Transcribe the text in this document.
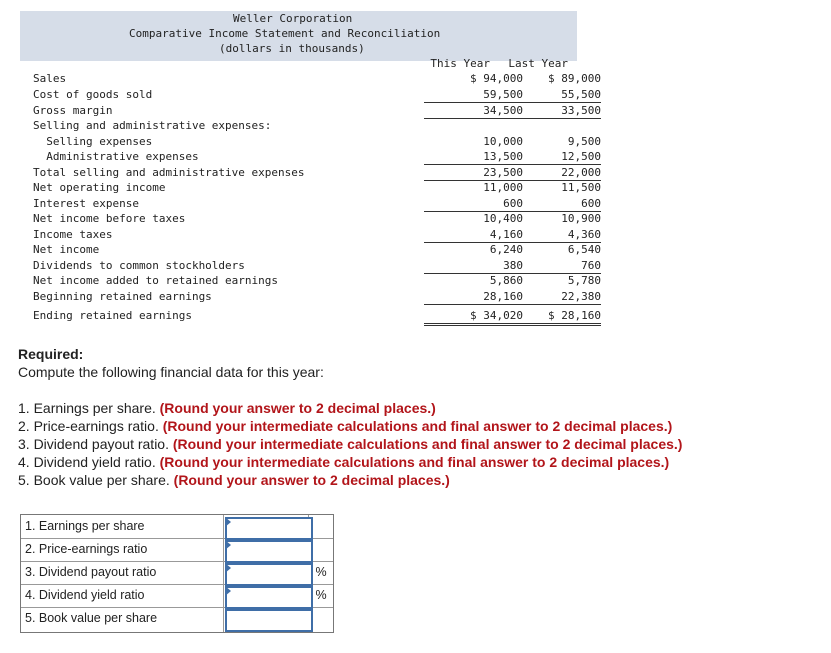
Weller Corporation
Comparative Income Statement and Reconciliation
(dollars in thousands)
This Year	Last Year
Sales	$ 94,000	$ 89,000
Cost of goods sold	59,500	55,500
Gross margin	34,500	33,500
Selling and administrative expenses:
Selling expenses	10,000	9,500
Administrative expenses	13,500	12,500
Total selling and administrative expenses	23,500	22,000
Net operating income	11,000	11,500
Interest expense	600	600
Net income before taxes	10,400	10,900
Income taxes	4,160	4,360
Net income	6,240	6,540
Dividends to common stockholders	380	760
Net income added to retained earnings	5,860	5,780
Beginning retained earnings	28,160	22,380
Ending retained earnings	$ 34,020	$ 28,160
Required:
Compute the following financial data for this year:
1. Earnings per share. (Round your answer to 2 decimal places.)
2. Price-earnings ratio. (Round your intermediate calculations and final answer to 2 decimal places.)
3. Dividend payout ratio. (Round your intermediate calculations and final answer to 2 decimal places.)
4. Dividend yield ratio. (Round your intermediate calculations and final answer to 2 decimal places.)
5. Book value per share. (Round your answer to 2 decimal places.)
1. Earnings per share
2. Price-earnings ratio
3. Dividend payout ratio	%
4. Dividend yield ratio	%
5. Book value per share
